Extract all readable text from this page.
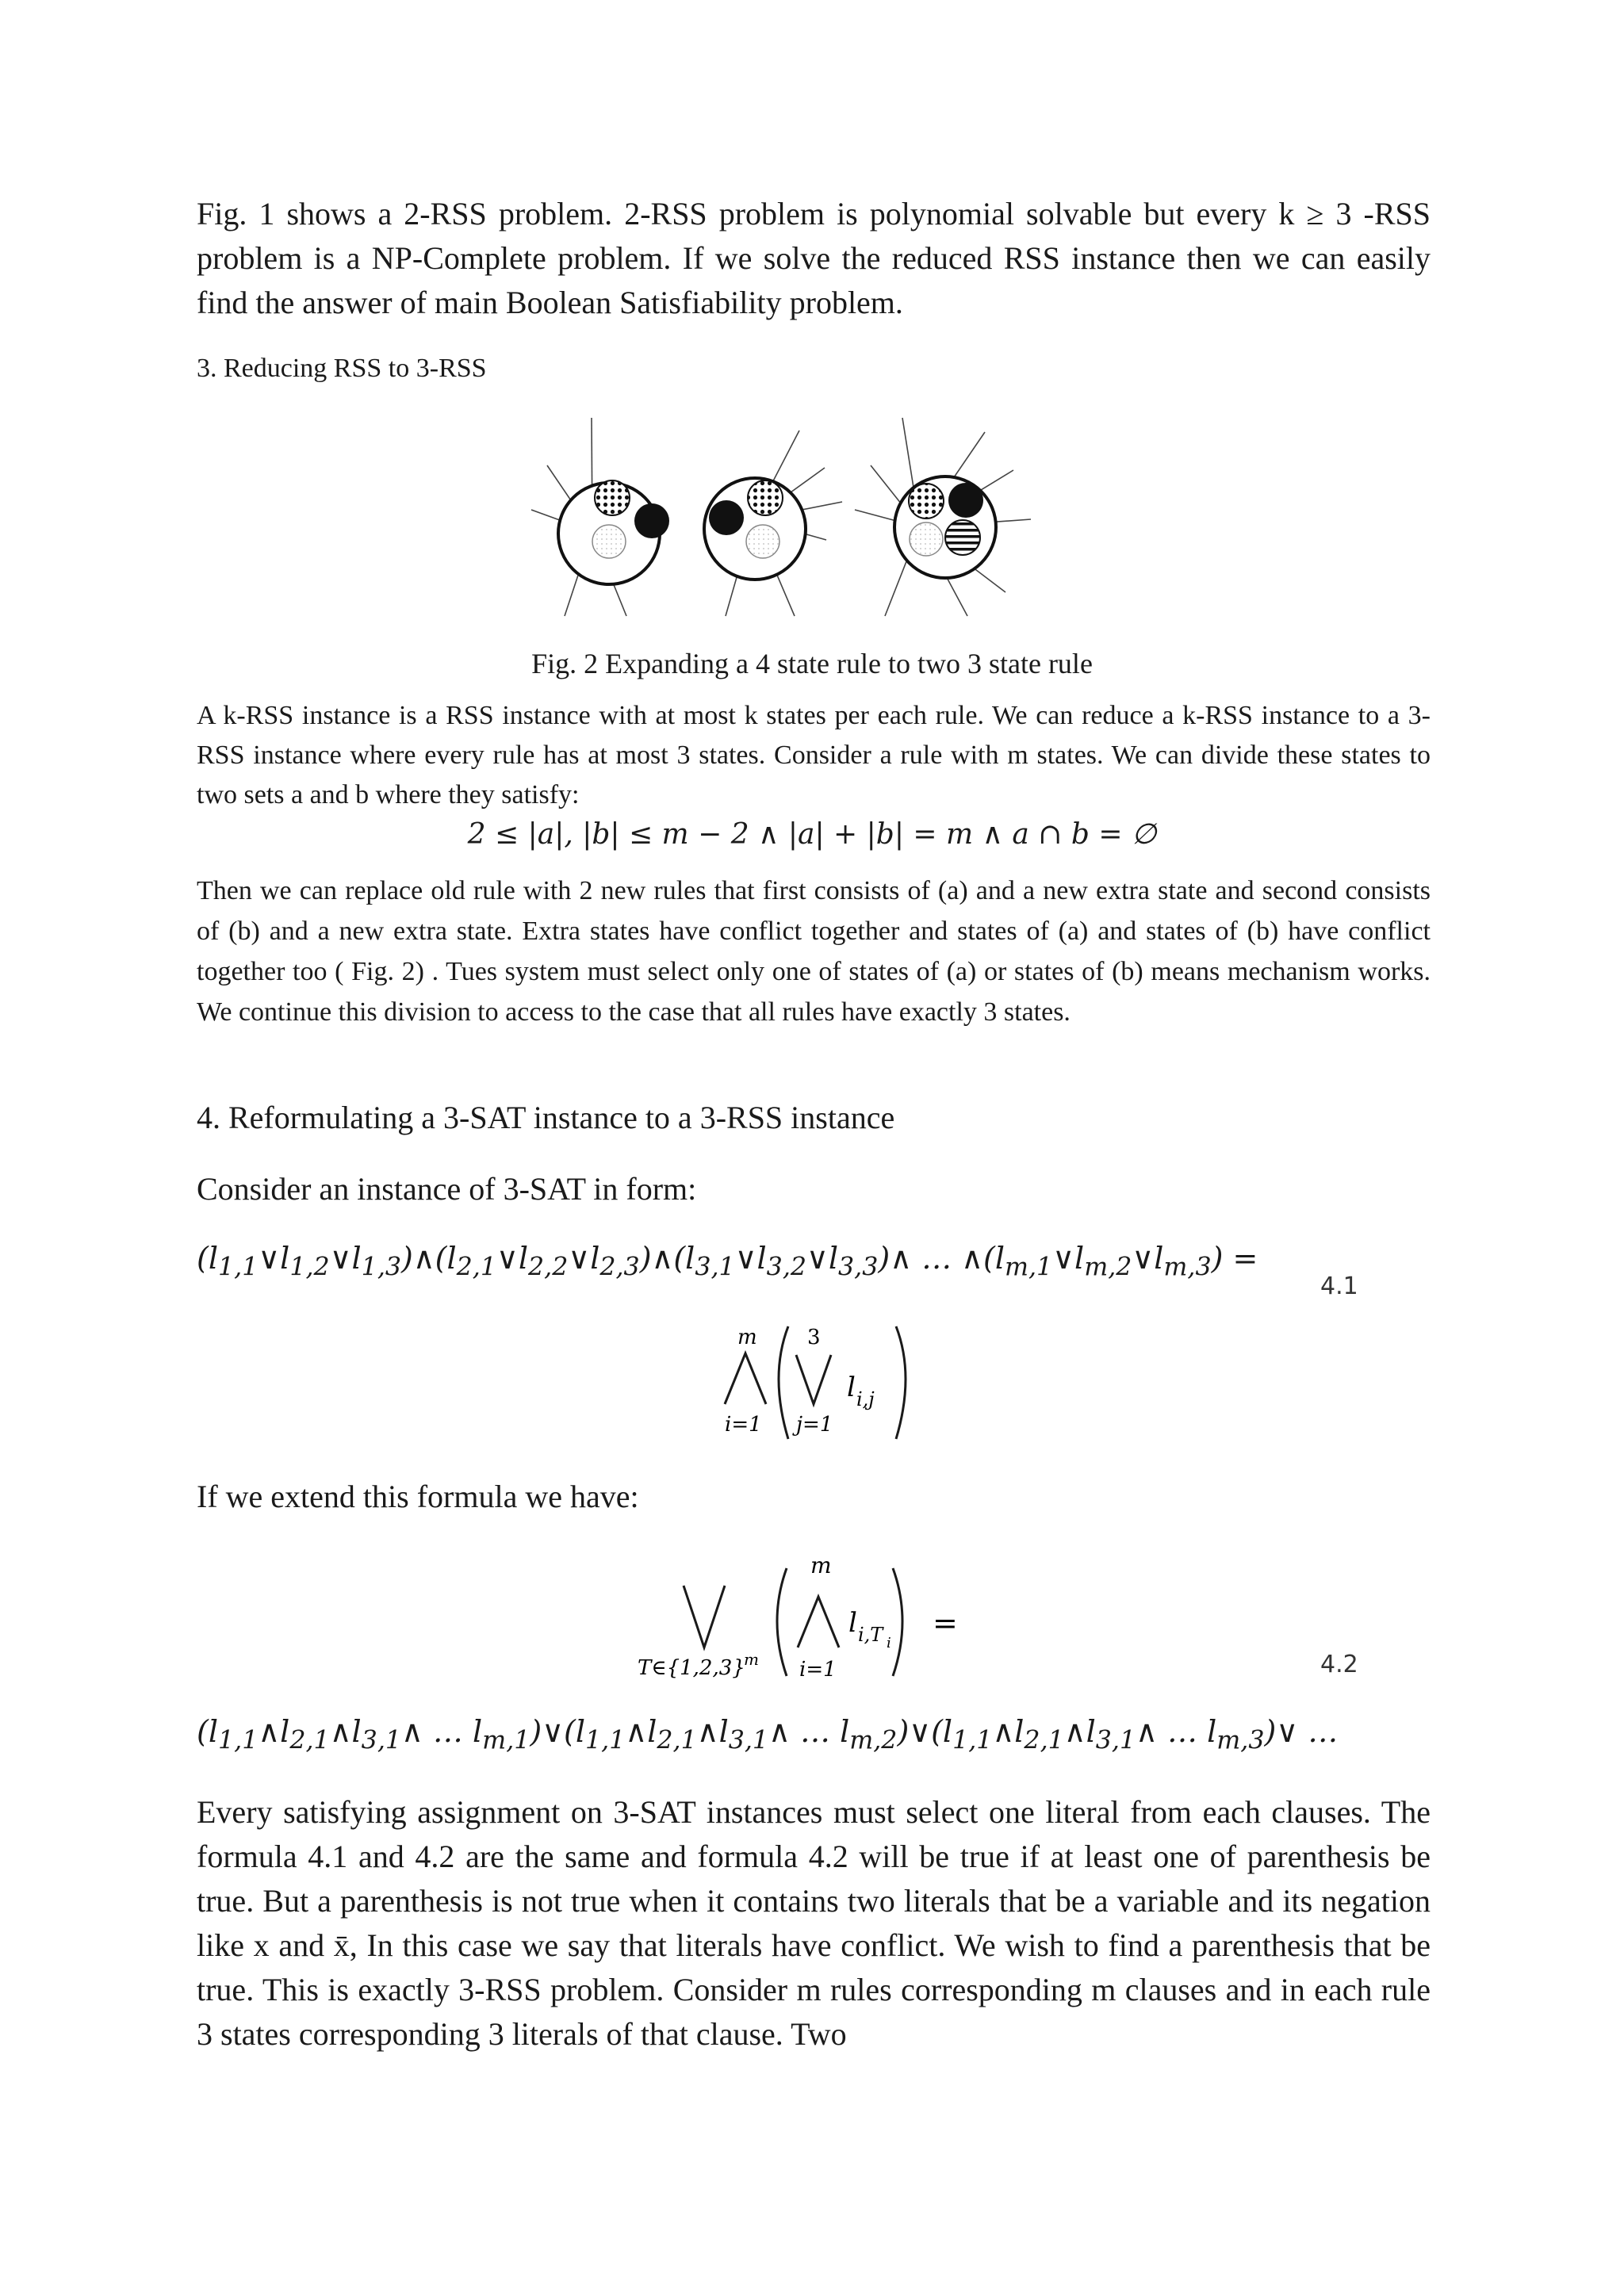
Fig. 1 shows a 2-RSS problem. 2-RSS problem is polynomial solvable but every k ≥ 3 -RSS problem is a NP-Complete problem. If we solve the reduced RSS instance then we can easily find the answer of main Boolean Satisfiability problem.

3. Reducing RSS to 3-RSS
Fig. 2 Expanding a 4 state rule to two 3 state rule

A k-RSS instance is a RSS instance with at most k states per each rule. We can reduce a k-RSS instance to a 3-RSS instance where every rule has at most 3 states. Consider a rule with m states. We can divide these states to two sets a and b where they satisfy:

2 ≤ |a|, |b| ≤ m − 2 ∧ |a| + |b| = m ∧ a ∩ b = ∅

Then we can replace old rule with 2 new rules that first consists of (a) and a new extra state and second consists of (b) and a new extra state. Extra states have conflict together and states of (a) and states of (b) have conflict together too ( Fig. 2) . Tues system must select only one of states of (a) or states of (b) means mechanism works. We continue this division to access to the case that all rules have exactly 3 states.

4. Reformulating a 3-SAT instance to a 3-RSS instance
Consider an instance of 3-SAT in form:
$(l_{1,1}\vee l_{1,2}\vee l_{1,3})\wedge(l_{2,1}\vee l_{2,2}\vee l_{2,3})\wedge(l_{3,1}\vee l_{3,2}\vee l_{3,3})\wedge$ … $\wedge(l_{m,1}\vee l_{m,2}\vee l_{m,3})$ =
4.1
m
i=1
3
j=1
l i,j
If we extend this formula we have:
m
T∈{1,2,3}
m i=1
l i,T i
=
4.2
($l_{1,1}\wedge l_{2,1}\wedge l_{3,1}\wedge$ … $l_{m,1})\vee(l_{1,1}\wedge l_{2,1}\wedge l_{3,1}\wedge$ … $l_{m,2})\vee(l_{1,1}\wedge l_{2,1}\wedge l_{3,1}\wedge$ … $l_{m,3})\vee$ …

Every satisfying assignment on 3-SAT instances must select one literal from each clauses. The formula 4.1 and 4.2 are the same and formula 4.2 will be true if at least one of parenthesis be true. But a parenthesis is not true when it contains two literals that be a variable and its negation like x and x̄, In this case we say that literals have conflict. We wish to find a parenthesis that be true. This is exactly 3-RSS problem. Consider m rules corresponding m clauses and in each rule 3 states corresponding 3 literals of that clause. Two
